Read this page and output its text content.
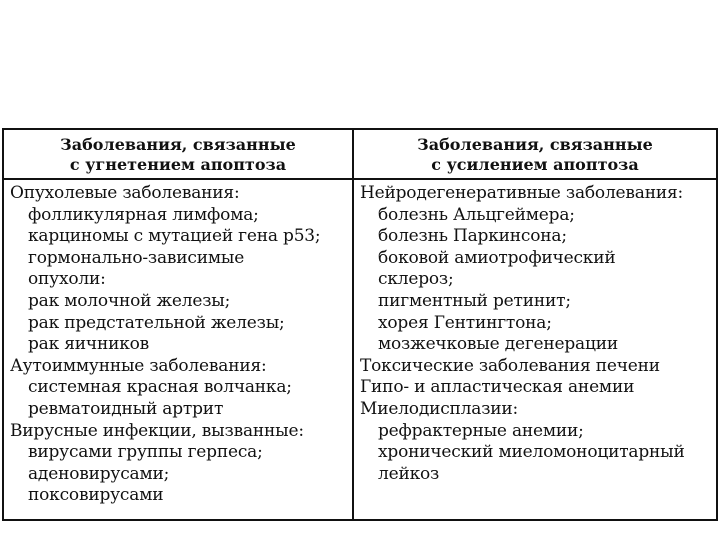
Заболевания, связанные
с угнетением апоптоза
Заболевания, связанные
с усилением апоптоза
Опухолевые заболевания:
фолликулярная лимфома;
карциномы с мутацией гена p53;
гормонально-зависимые
опухоли:
рак молочной железы;
рак предстательной железы;
рак яичников
Аутоиммунные заболевания:
системная красная волчанка;
ревматоидный артрит
Вирусные инфекции, вызванные:
вирусами группы герпеса;
аденовирусами;
поксовирусами
Нейродегенеративные заболевания:
болезнь Альцгеймера;
болезнь Паркинсона;
боковой амиотрофический
склероз;
пигментный ретинит;
хорея Гентингтона;
мозжечковые дегенерации
Токсические заболевания печени
Гипо- и апластическая анемии
Миелодисплазии:
рефрактерные анемии;
хронический миеломоноцитарный
лейкоз
